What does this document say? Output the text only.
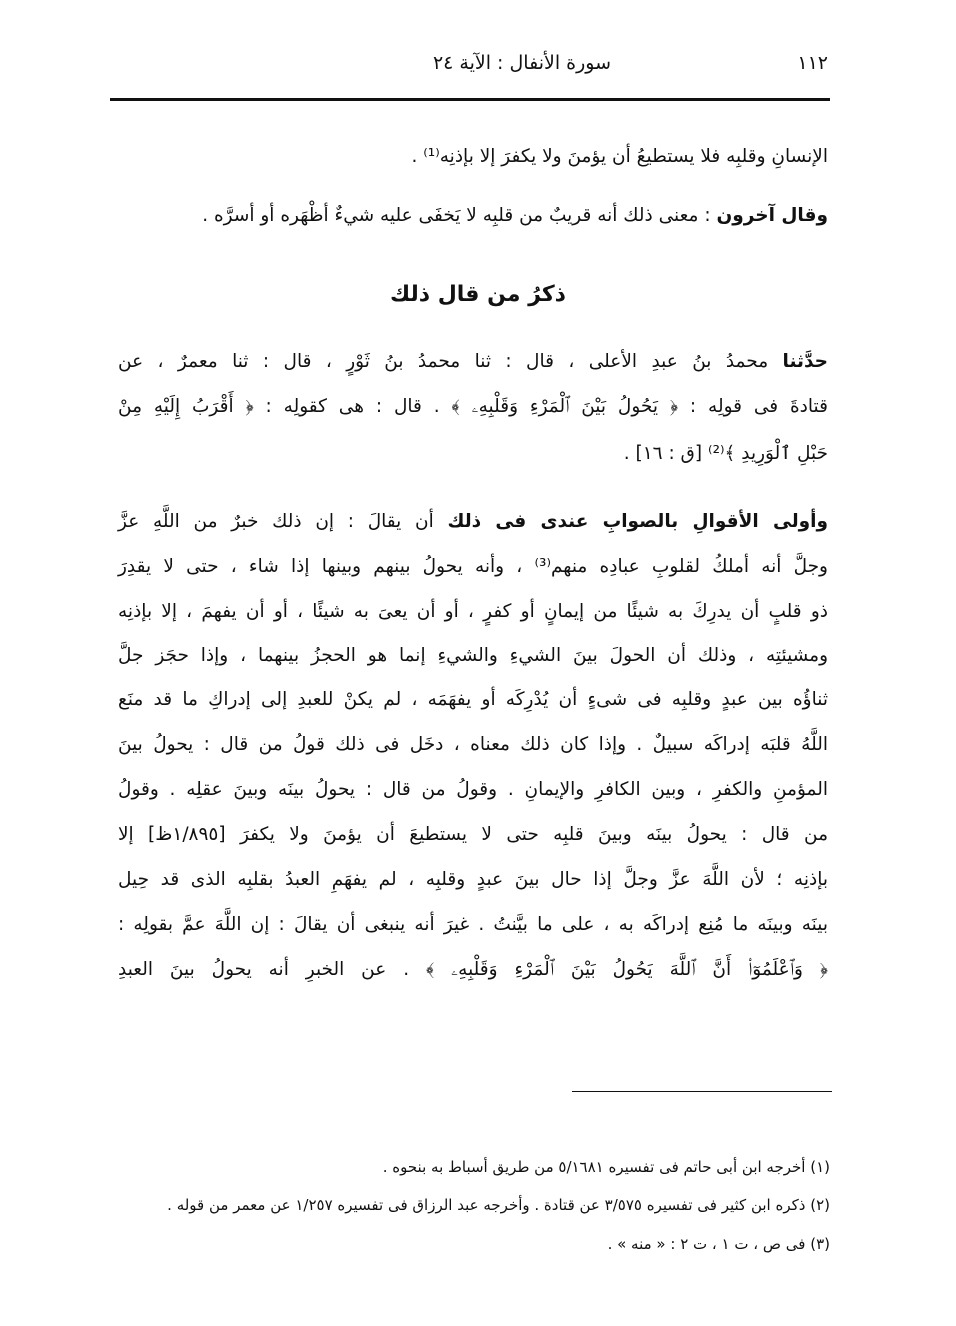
١١٢
سورة الأنفال : الآية ٢٤
ذكرُ من قال ذلك
الإنسانِ وقلبِه فلا يستطيعُ أن يؤمنَ ولا يكفرَ إلا بإذنِه⁽¹⁾ .
وقال آخرون : معنى ذلك أنه قريبٌ من قلبِه لا يَخفَى عليه شيءٌ أظْهَره أو أسرَّه .
حدَّثنا محمدُ بنُ عبدِ الأعلى ، قال : ثنا محمدُ بنُ ثَوْرٍ ، قال : ثنا معمرٌ ، عن
قتادةَ فى قولِه : ﴿ يَحُولُ بَيْنَ ٱلْمَرْءِ وَقَلْبِهِۦ ﴾ . قال : هى كقولِه : ﴿ أَقْرَبُ إِلَيْهِ مِنْ
حَبْلِ ٱلْوَرِيدِ ﴾⁽²⁾ [ق : ١٦] .
وأولى الأقوالِ بالصوابِ عندى فى ذلك أن يقالَ : إن ذلك خبرٌ من اللَّهِ عزَّ
وجلَّ أنه أملكُ لقلوبِ عبادِه منهم⁽³⁾ ، وأنه يحولُ بينهم وبينها إذا شاء ، حتى لا يقدِرَ
ذو قلبٍ أن يدرِكَ به شيئًا من إيمانٍ أو كفرٍ ، أو أن يعىَ به شيئًا ، أو أن يفهمَ ، إلا بإذنِه
ومشيئتِه ، وذلك أن الحولَ بينَ الشيءِ والشيءِ إنما هو الحجزُ بينهما ، وإذا حجَز جلَّ
ثناؤُه بين عبدٍ وقلبِه فى شىءٍ أن يُدْرِكَه أو يفهَمَه ، لم يكنْ للعبدِ إلى إدراكِ ما قد منَع
اللَّهُ قلبَه إدراكَه سبيلٌ . وإذا كان ذلك معناه ، دخَل فى ذلك قولُ من قال : يحولُ بينَ
المؤمنِ والكفرِ ، وبين الكافرِ والإيمانِ . وقولُ من قال : يحولُ بينَه وبينَ عقلِه . وقولُ
من قال : يحولُ بينَه وبينَ قلبِه حتى لا يستطيعَ أن يؤمنَ ولا يكفرَ [١/٨٩٥ظ] إلا
بإذنِه ؛ لأن اللَّهَ عزَّ وجلَّ إذا حال بينَ عبدٍ وقلبِه ، لم يفهَمِ العبدُ بقلبِه الذى قد حِيل
بينَه وبينَه ما مُنِع إدراكَه به ، على ما بيَّنتُ . غيرَ أنه ينبغى أن يقالَ : إن اللَّهَ عمَّ بقولِه :
﴿ وَٱعْلَمُوٓا۟ أَنَّ ٱللَّهَ يَحُولُ بَيْنَ ٱلْمَرْءِ وَقَلْبِهِۦ ﴾ . عن الخبرِ أنه يحولُ بينَ العبدِ
(١) أخرجه ابن أبى حاتم فى تفسيره ٥/١٦٨١ من طريق أسباط به بنحوه .
(٢) ذكره ابن كثير فى تفسيره ٣/٥٧٥ عن قتادة . وأخرجه عبد الرزاق فى تفسيره ١/٢٥٧ عن معمر من قوله .
(٣) فى ص ، ت ١ ، ت ٢ : « منه » .
